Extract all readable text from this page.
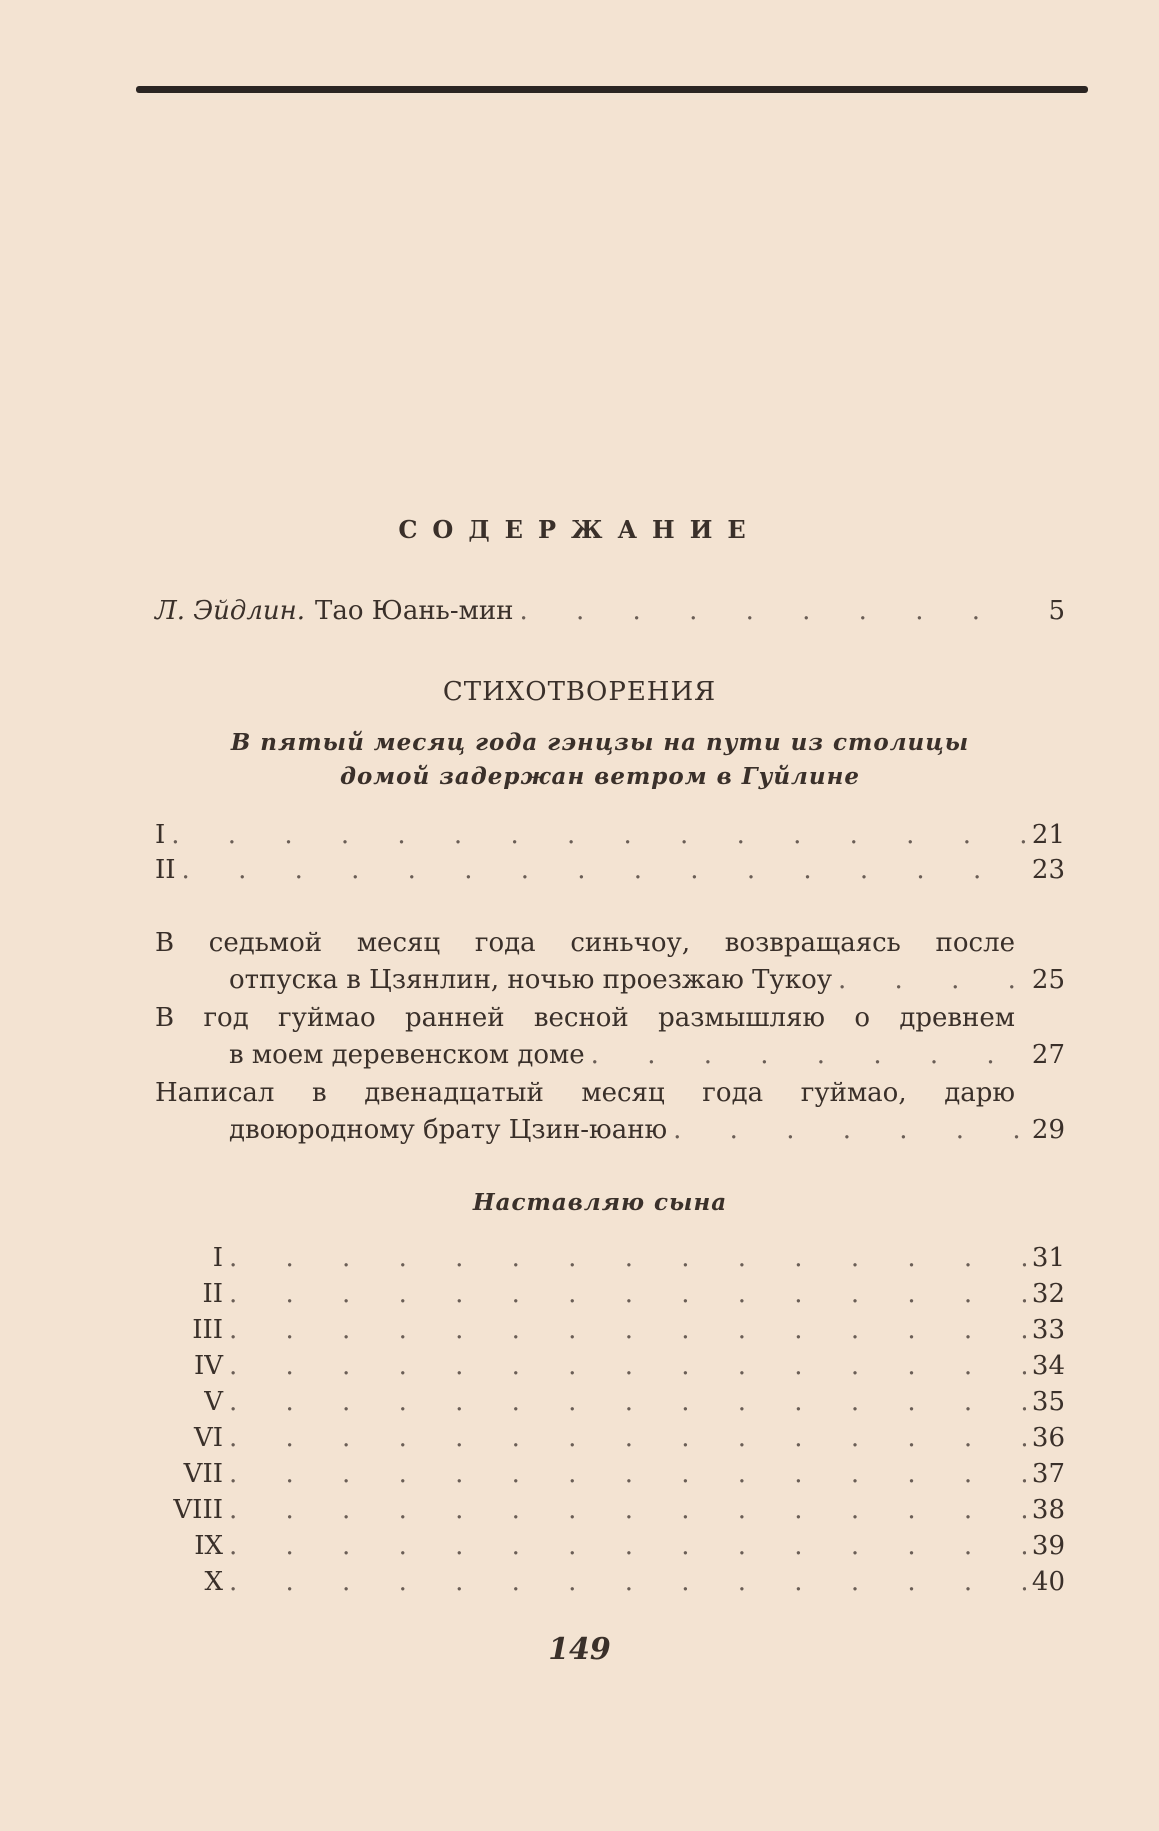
СОДЕРЖАНИЕ
Л. Эйдлин. Тао Юань-мин . . .	5
СТИХОТВОРЕНИЯ
В пятый месяц года гэнцзы на пути из столицы
домой задержан ветром в Гуйлине
I . . .	21
II . . .	23
В седьмой месяц года синьчоу, возвращаясь после
отпуска в Цзянлин, ночью проезжаю Тукоу . . .	25
В год гуймао ранней весной размышляю о древнем
в моем деревенском доме . . .	27
Написал в двенадцатый месяц года гуймао, дарю
двоюродному брату Цзин-юаню . . .	29
Наставляю сына
I . . .	31
II . . .	32
III . . .	33
IV . . .	34
V . . .	35
VI . . .	36
VII . . .	37
VIII . . .	38
IX . . .	39
X . . .	40
149
